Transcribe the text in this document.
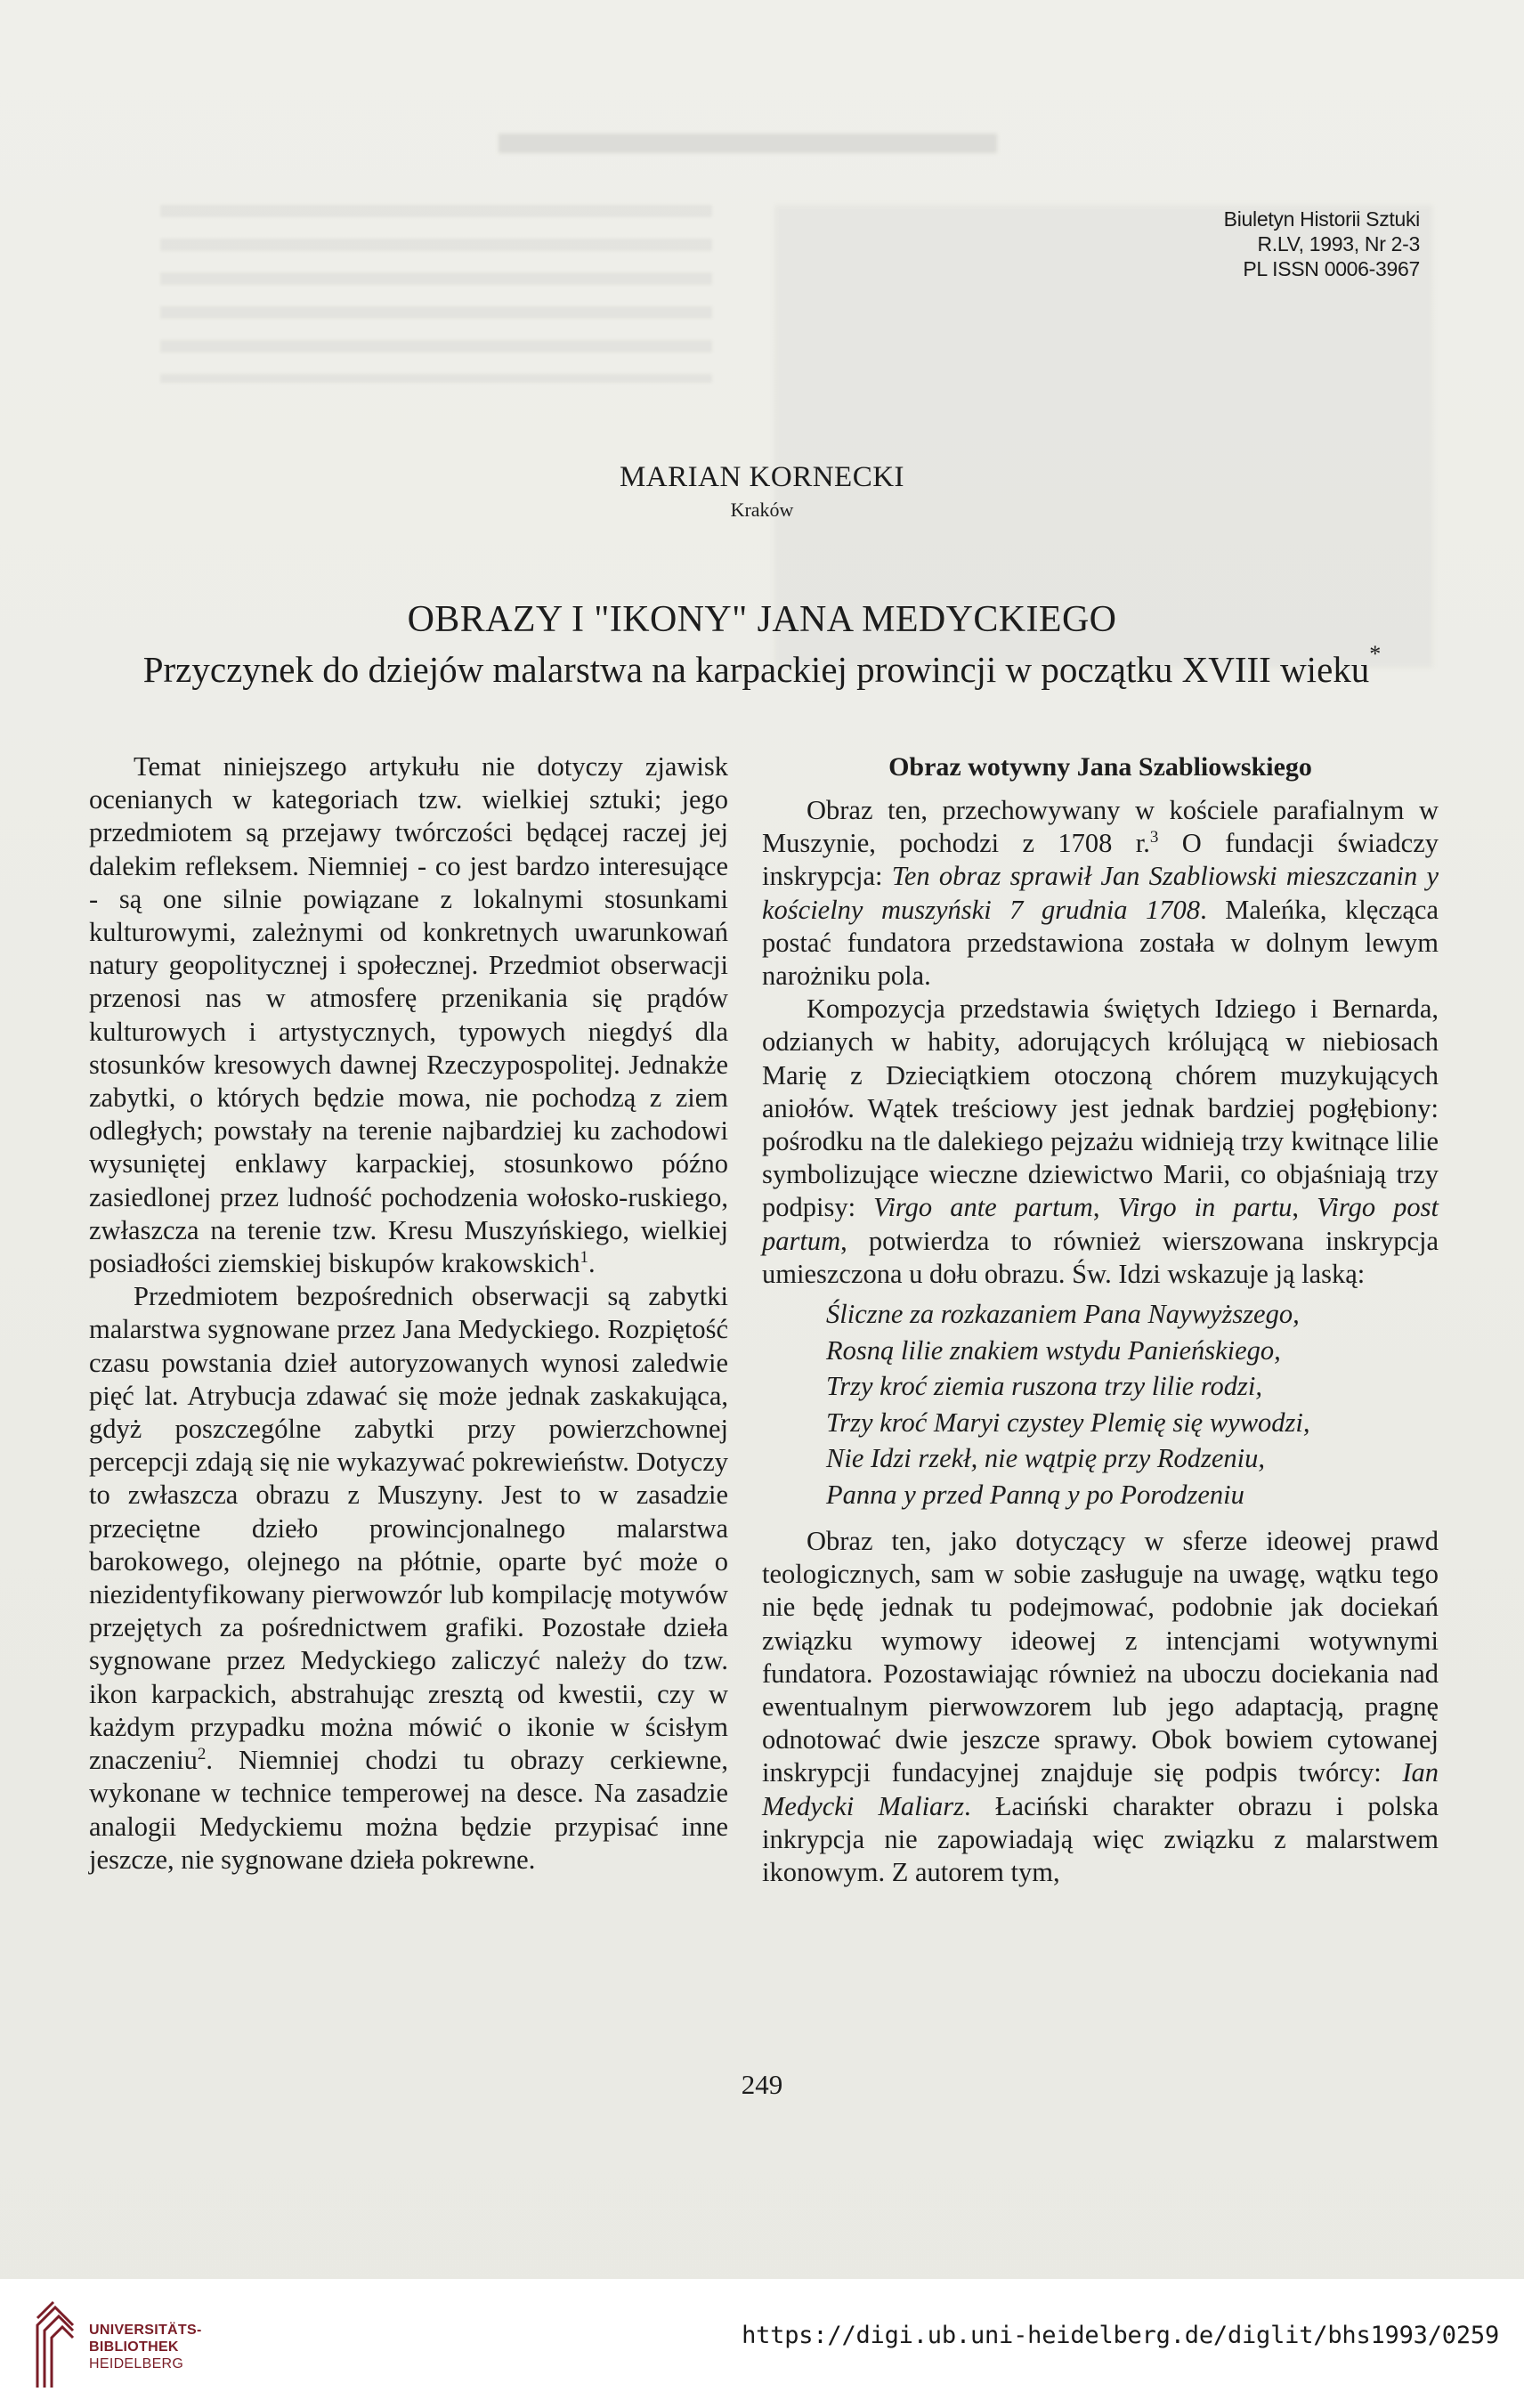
Biuletyn Historii Sztuki
R.LV, 1993, Nr 2-3
PL ISSN 0006-3967
MARIAN KORNECKI
Kraków
OBRAZY I "IKONY" JANA MEDYCKIEGO
Przyczynek do dziejów malarstwa na karpackiej prowincji w początku XVIII wieku*

Temat niniejszego artykułu nie dotyczy zjawisk ocenianych w kategoriach tzw. wielkiej sztuki; jego przedmiotem są przejawy twórczości będącej raczej jej dalekim refleksem. Niemniej - co jest bardzo interesujące - są one silnie powiązane z lokalnymi stosunkami kulturowymi, zależnymi od konkretnych uwarunkowań natury geopolitycznej i społecznej. Przedmiot obserwacji przenosi nas w atmosferę przenikania się prądów kulturowych i artystycznych, typowych niegdyś dla stosunków kresowych dawnej Rzeczypospolitej. Jednakże zabytki, o których będzie mowa, nie pochodzą z ziem odległych; powstały na terenie najbardziej ku zachodowi wysuniętej enklawy karpackiej, stosunkowo późno zasiedlonej przez ludność pochodzenia wołosko-ruskiego, zwłaszcza na terenie tzw. Kresu Muszyńskiego, wielkiej posiadłości ziemskiej biskupów krakowskich$^1$.

Przedmiotem bezpośrednich obserwacji są zabytki malarstwa sygnowane przez Jana Medyckiego. Rozpiętość czasu powstania dzieł autoryzowanych wynosi zaledwie pięć lat. Atrybucja zdawać się może jednak zaskakująca, gdyż poszczególne zabytki przy powierzchownej percepcji zdają się nie wykazywać pokrewieństw. Dotyczy to zwłaszcza obrazu z Muszyny. Jest to w zasadzie przeciętne dzieło prowincjonalnego malarstwa barokowego, olejnego na płótnie, oparte być może o niezidentyfikowany pierwowzór lub kompilację motywów przejętych za pośrednictwem grafiki. Pozostałe dzieła sygnowane przez Medyckiego zaliczyć należy do tzw. ikon karpackich, abstrahując zresztą od kwestii, czy w każdym przypadku można mówić o ikonie w ścisłym znaczeniu$^2$. Niemniej chodzi tu obrazy cerkiewne, wykonane w technice temperowej na desce. Na zasadzie analogii Medyckiemu można będzie przypisać inne jeszcze, nie sygnowane dzieła pokrewne.

Obraz wotywny Jana Szabliowskiego

Obraz ten, przechowywany w kościele parafialnym w Muszynie, pochodzi z 1708 r.$^3$ O fundacji świadczy inskrypcja: Ten obraz sprawił Jan Szabliowski mieszczanin y kościelny muszyński 7 grudnia 1708. Maleńka, klęcząca postać fundatora przedstawiona została w dolnym lewym narożniku pola.

Kompozycja przedstawia świętych Idziego i Bernarda, odzianych w habity, adorujących królującą w niebiosach Marię z Dzieciątkiem otoczoną chórem muzykujących aniołów. Wątek treściowy jest jednak bardziej pogłębiony: pośrodku na tle dalekiego pejzażu widnieją trzy kwitnące lilie symbolizujące wieczne dziewictwo Marii, co objaśniają trzy podpisy: Virgo ante partum, Virgo in partu, Virgo post partum, potwierdza to również wierszowana inskrypcja umieszczona u dołu obrazu. Św. Idzi wskazuje ją laską:

Śliczne za rozkazaniem Pana Naywyższego,
Rosną lilie znakiem wstydu Panieńskiego,
Trzy kroć ziemia ruszona trzy lilie rodzi,
Trzy kroć Maryi czystey Plemię się wywodzi,
Nie Idzi rzekł, nie wątpię przy Rodzeniu,
Panna y przed Panną y po Porodzeniu

Obraz ten, jako dotyczący w sferze ideowej prawd teologicznych, sam w sobie zasługuje na uwagę, wątku tego nie będę jednak tu podejmować, podobnie jak dociekań związku wymowy ideowej z intencjami wotywnymi fundatora. Pozostawiając również na uboczu dociekania nad ewentualnym pierwowzorem lub jego adaptacją, pragnę odnotować dwie jeszcze sprawy. Obok bowiem cytowanej inskrypcji fundacyjnej znajduje się podpis twórcy: Ian Medycki Maliarz. Łaciński charakter obrazu i polska inkrypcja nie zapowiadają więc związku z malarstwem ikonowym. Z autorem tym,

249
UNIVERSITÄTS-
BIBLIOTHEK
HEIDELBERG
https://digi.ub.uni-heidelberg.de/diglit/bhs1993/0259
